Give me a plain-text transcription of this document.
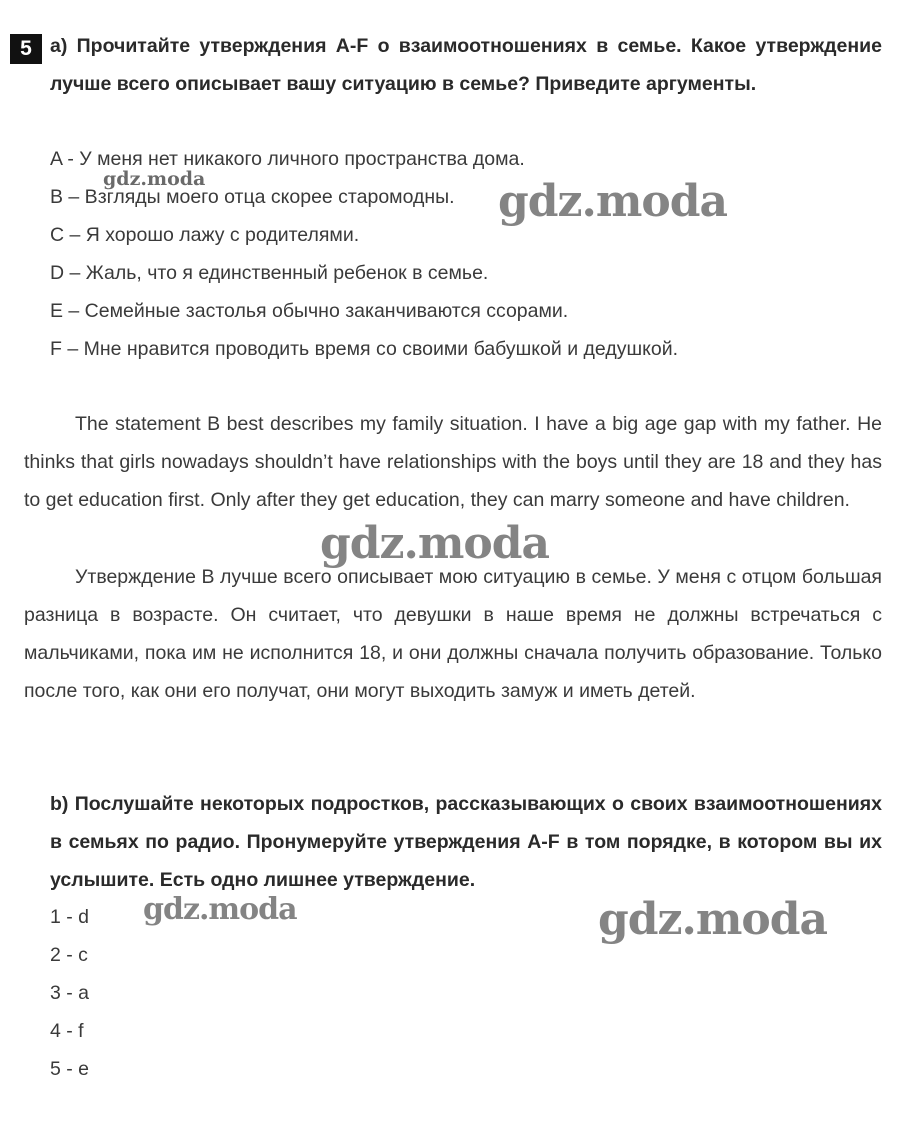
5 a) Прочитайте утверждения A-F о взаимоотношениях в семье. Какое утверждение лучше всего описывает вашу ситуацию в семье? Приведите аргументы.
A - У меня нет никакого личного пространства дома.
B – Взгляды моего отца скорее старомодны.
C – Я хорошо лажу с родителями.
D – Жаль, что я единственный ребенок в семье.
E – Семейные застолья обычно заканчиваются ссорами.
F – Мне нравится проводить время со своими бабушкой и дедушкой.

The statement B best describes my family situation. I have a big age gap with my father. He thinks that girls nowadays shouldn’t have relationships with the boys until they are 18 and they has to get education first. Only after they get education, they can marry someone and have children.

Утверждение B лучше всего описывает мою ситуацию в семье. У меня с отцом большая разница в возрасте. Он считает, что девушки в наше время не должны встречаться с мальчиками, пока им не исполнится 18, и они должны сначала получить образование. Только после того, как они его получат, они могут выходить замуж и иметь детей.

b) Послушайте некоторых подростков, рассказывающих о своих взаимоотношениях в семьях по радио. Пронумеруйте утверждения A-F в том порядке, в котором вы их услышите. Есть одно лишнее утверждение.
1 - d
2 - c
3 - a
4 - f
5 - e
gdz.moda	gdz.moda
gdz.moda
gdz.moda	gdz.moda
